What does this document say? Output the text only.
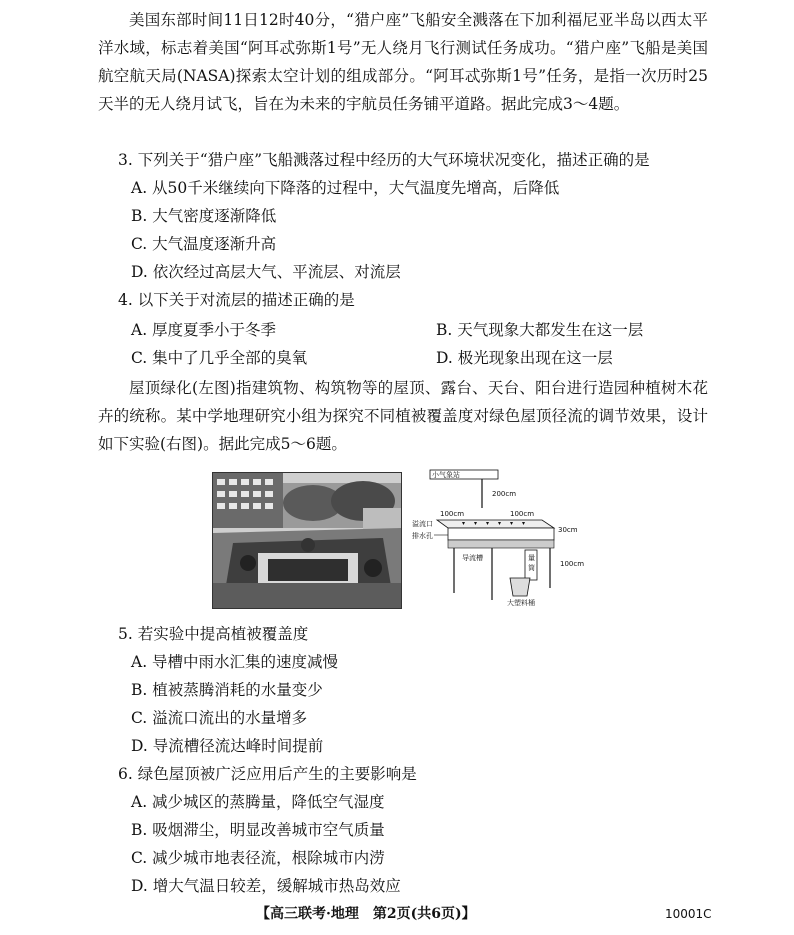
美国东部时间11日12时40分，“猎户座”飞船安全溅落在下加利福尼亚半岛以西太平洋水域，标志着美国“阿耳忒弥斯1号”无人绕月飞行测试任务成功。“猎户座”飞船是美国航空航天局(NASA)探索太空计划的组成部分。“阿耳忒弥斯1号”任务，是指一次历时25天半的无人绕月试飞，旨在为未来的宇航员任务铺平道路。据此完成3～4题。
3. 下列关于“猎户座”飞船溅落过程中经历的大气环境状况变化，描述正确的是
A. 从50千米继续向下降落的过程中，大气温度先增高，后降低
B. 大气密度逐渐降低
C. 大气温度逐渐升高
D. 依次经过高层大气、平流层、对流层
4. 以下关于对流层的描述正确的是
A. 厚度夏季小于冬季	B. 天气现象大都发生在这一层
C. 集中了几乎全部的臭氧	D. 极光现象出现在这一层
屋顶绿化(左图)指建筑物、构筑物等的屋顶、露台、天台、阳台进行造园种植树木花卉的统称。某中学地理研究小组为探究不同植被覆盖度对绿色屋顶径流的调节效果，设计如下实验(右图)。据此完成5～6题。
小气象站
200cm
100cm	100cm
30cm
溢流口
排水孔
导流槽	量
筒	100cm
大塑料桶
5. 若实验中提高植被覆盖度
A. 导槽中雨水汇集的速度减慢
B. 植被蒸腾消耗的水量变少
C. 溢流口流出的水量增多
D. 导流槽径流达峰时间提前
6. 绿色屋顶被广泛应用后产生的主要影响是
A. 减少城区的蒸腾量，降低空气湿度
B. 吸烟滞尘，明显改善城市空气质量
C. 减少城市地表径流，根除城市内涝
D. 增大气温日较差，缓解城市热岛效应
【高三联考·地理　第2页(共6页)】	10001C
